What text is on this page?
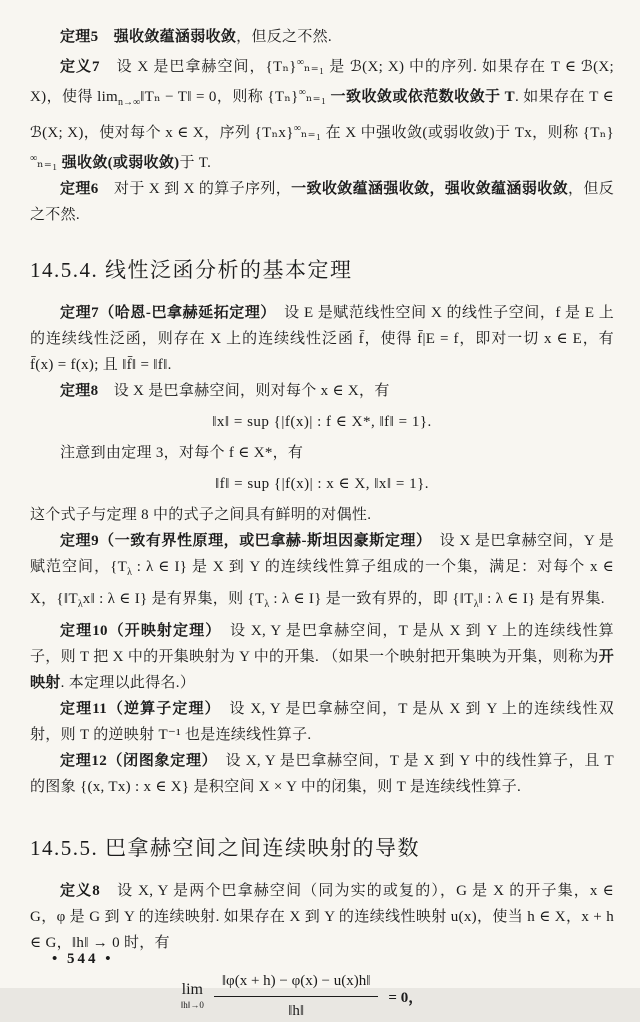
定理5　 强收敛蕴涵弱收敛，但反之不然.

定义7　设 X 是巴拿赫空间，{Tₙ}∞ₙ₌₁ 是 ℬ(X; X) 中的序列. 如果存在 T ∈ ℬ(X; X)，使得 $\lim_{n\to\infty}‖T_n$ − T‖ = 0，则称 {Tₙ}∞ₙ₌₁ 一致收敛或依范数收敛于 T. 如果存在 T ∈ ℬ(X; X)，使对每个 x ∈ X，序列 {Tₙx}∞ₙ₌₁ 在 X 中强收敛(或弱收敛)于 Tx，则称 {Tₙ}∞ₙ₌₁ 强收敛(或弱收敛)于 T.

定理6　对于 X 到 X 的算子序列，一致收敛蕴涵强收敛，强收敛蕴涵弱收敛，但反之不然.

14.5.4. 线性泛函分析的基本定理

定理7（哈恩-巴拿赫延拓定理）　设 E 是赋范线性空间 X 的线性子空间，f 是 E 上的连续线性泛函，则存在 X 上的连续线性泛函 f̄，使得 f̄|E = f，即对一切 x ∈ E，有 f̄(x) = f(x); 且 ‖f̄‖ = ‖f‖.

定理8　设 X 是巴拿赫空间，则对每个 x ∈ X，有

‖x‖ = sup {|f(x)| : f ∈ X*, ‖f‖ = 1}.

注意到由定理 3，对每个 f ∈ X*，有

‖f‖ = sup {|f(x)| : x ∈ X, ‖x‖ = 1}.

这个式子与定理 8 中的式子之间具有鲜明的对偶性.

定理9（一致有界性原理，或巴拿赫-斯坦因豪斯定理）　设 X 是巴拿赫空间，Y 是赋范空间，{$T_\lambda$ : λ ∈ I} 是 X 到 Y 的连续线性算子组成的一个集，满足：对每个 x ∈ X，{$‖T_\lambda x‖$ : λ ∈ I} 是有界集，则 {$T_\lambda$ : λ ∈ I} 是一致有界的，即 {$‖T_\lambda‖$ : λ ∈ I} 是有界集.

定理10（开映射定理）　设 X, Y 是巴拿赫空间，T 是从 X 到 Y 上的连续线性算子，则 T 把 X 中的开集映射为 Y 中的开集. （如果一个映射把开集映为开集，则称为开映射. 本定理以此得名.）

定理11（逆算子定理）　设 X, Y 是巴拿赫空间，T 是从 X 到 Y 上的连续线性双射，则 T 的逆映射 T⁻¹ 也是连续线性算子.

定理12（闭图象定理）　设 X, Y 是巴拿赫空间，T 是 X 到 Y 中的线性算子，且 T 的图象 {(x, Tx) : x ∈ X} 是积空间 X × Y 中的闭集，则 T 是连续线性算子.

14.5.5. 巴拿赫空间之间连续映射的导数

定义8　设 X, Y 是两个巴拿赫空间（同为实的或复的），G 是 X 的开子集，x ∈ G，φ 是 G 到 Y 的连续映射. 如果存在 X 到 Y 的连续线性映射 u(x)，使当 h ∈ X，x + h ∈ G，‖h‖ → 0 时，有

lim
‖h‖→0 $\frac{‖\varphi(x + h) - \varphi(x) - u(x)h‖}{‖h‖} = 0$，
• 544 •
